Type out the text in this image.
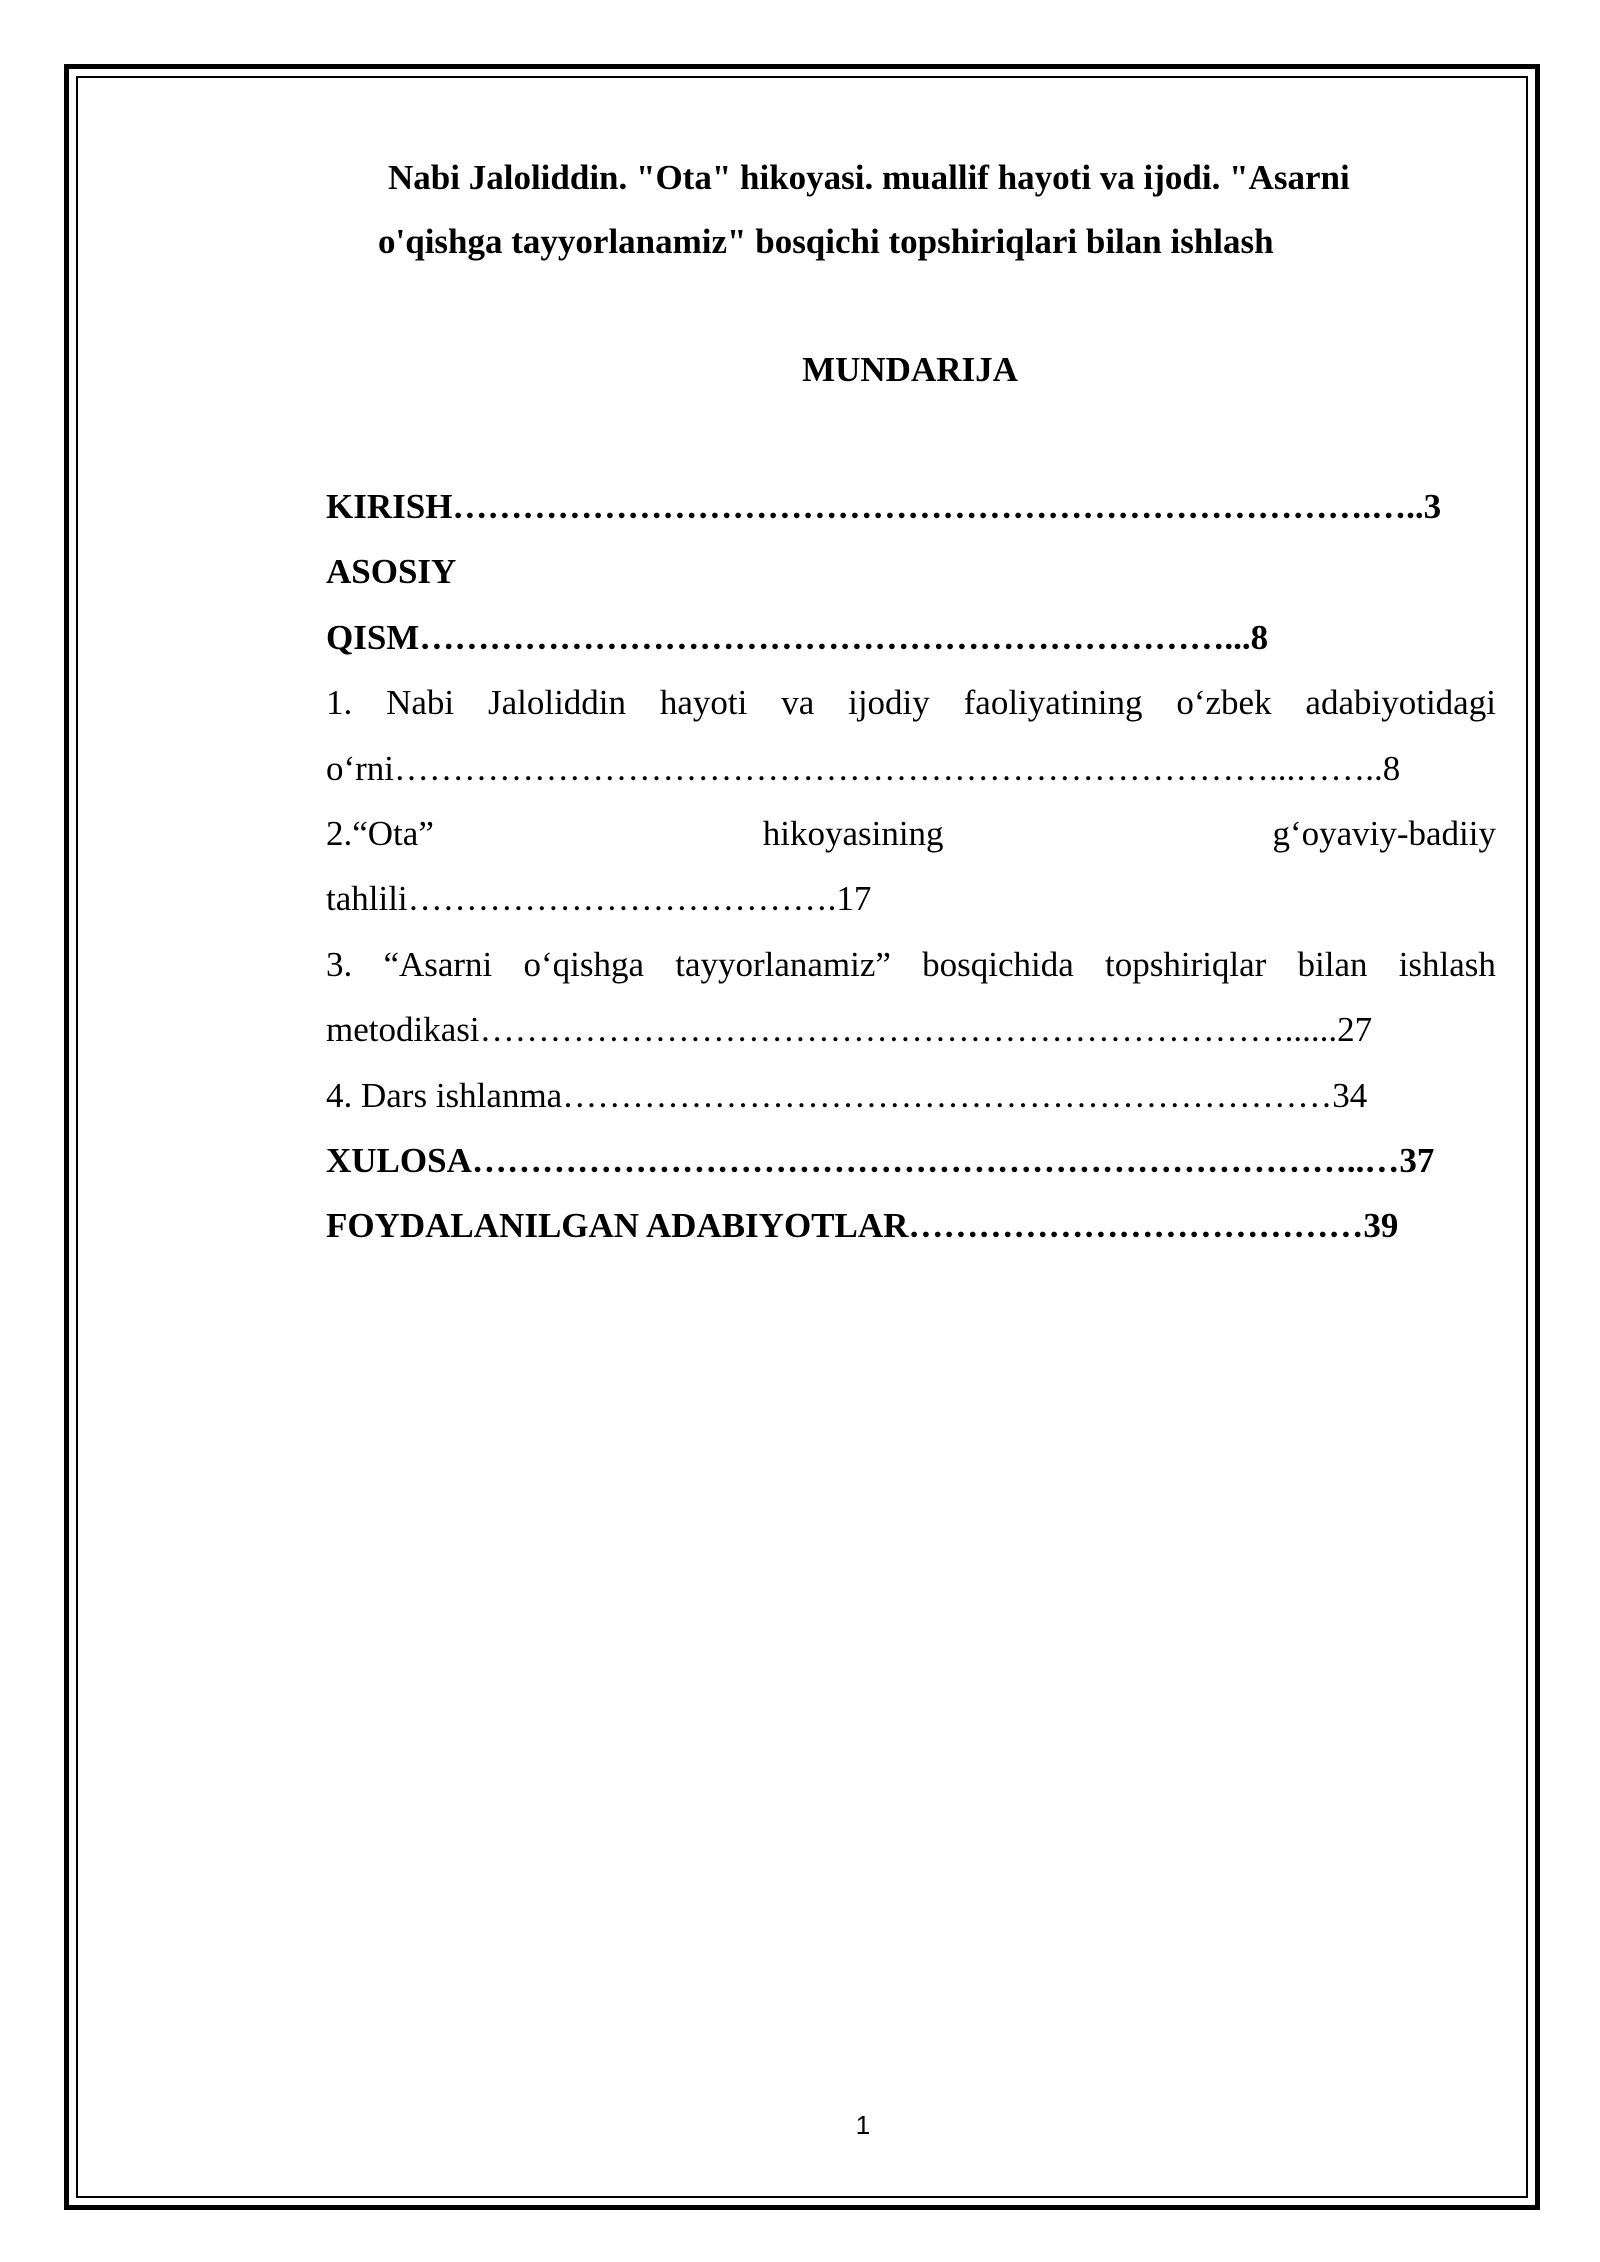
Nabi Jaloliddin. "Ota" hikoyasi. muallif hayoti va ijodi. "Asarni
o'qishga tayyorlanamiz" bosqichi topshiriqlari bilan ishlash
MUNDARIJA
KIRISH…………………………………………………………………….…..3
ASOSIY
QISM……………………………………………………………...8
1. Nabi Jaloliddin hayoti va ijodiy faoliyatining o‘zbek adabiyotidagi
o‘rni…………………………………………………………………...……..8
2.“Ota”	hikoyasining	g‘oyaviy-badiiy
tahlili……………………………….17
3. “Asarni o‘qishga tayyorlanamiz” bosqichida topshiriqlar bilan ishlash
metodikasi……………………………………………………………......27
4. Dars ishlanma…………………………………………………………34
XULOSA…………………………………………………………………..…37
FOYDALANILGAN ADABIYOTLAR…………………………………39
1
